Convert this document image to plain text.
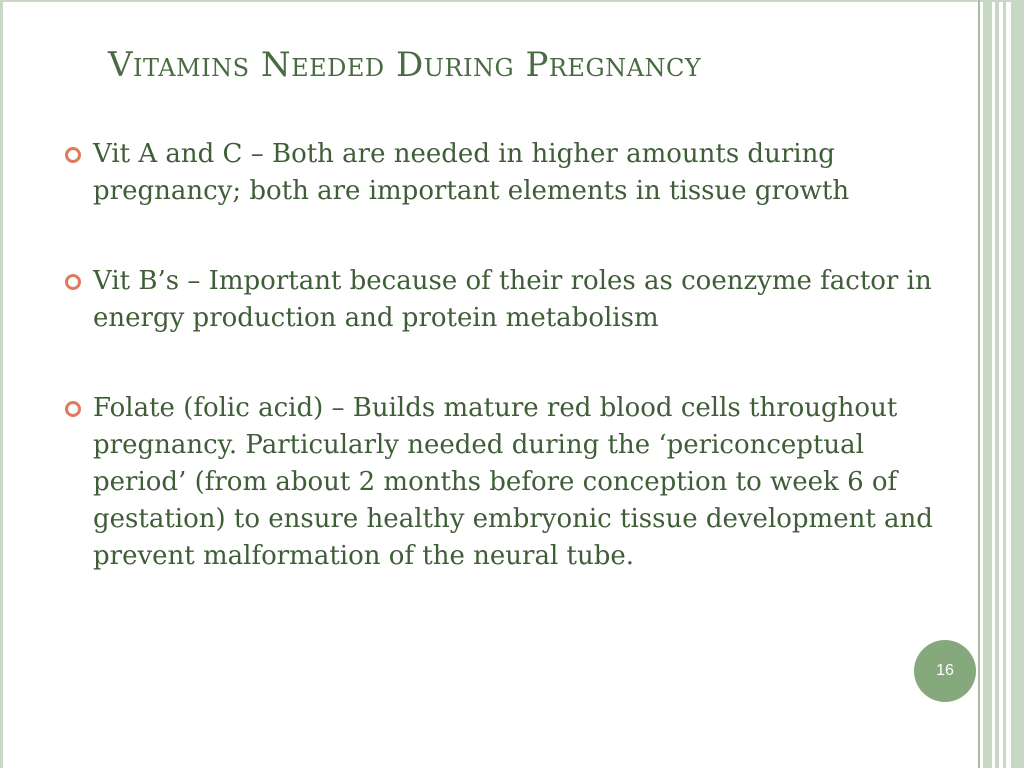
Vitamins Needed During Pregnancy
Vit A and C – Both are needed in higher amounts during pregnancy; both are important elements in tissue growth
Vit B’s – Important because of their roles as coenzyme factor in energy production and protein metabolism
Folate (folic acid) – Builds mature red blood cells throughout pregnancy. Particularly needed during the ‘periconceptual period’ (from about 2 months before conception to week 6 of gestation) to ensure healthy embryonic tissue development and prevent malformation of the neural tube.
16
